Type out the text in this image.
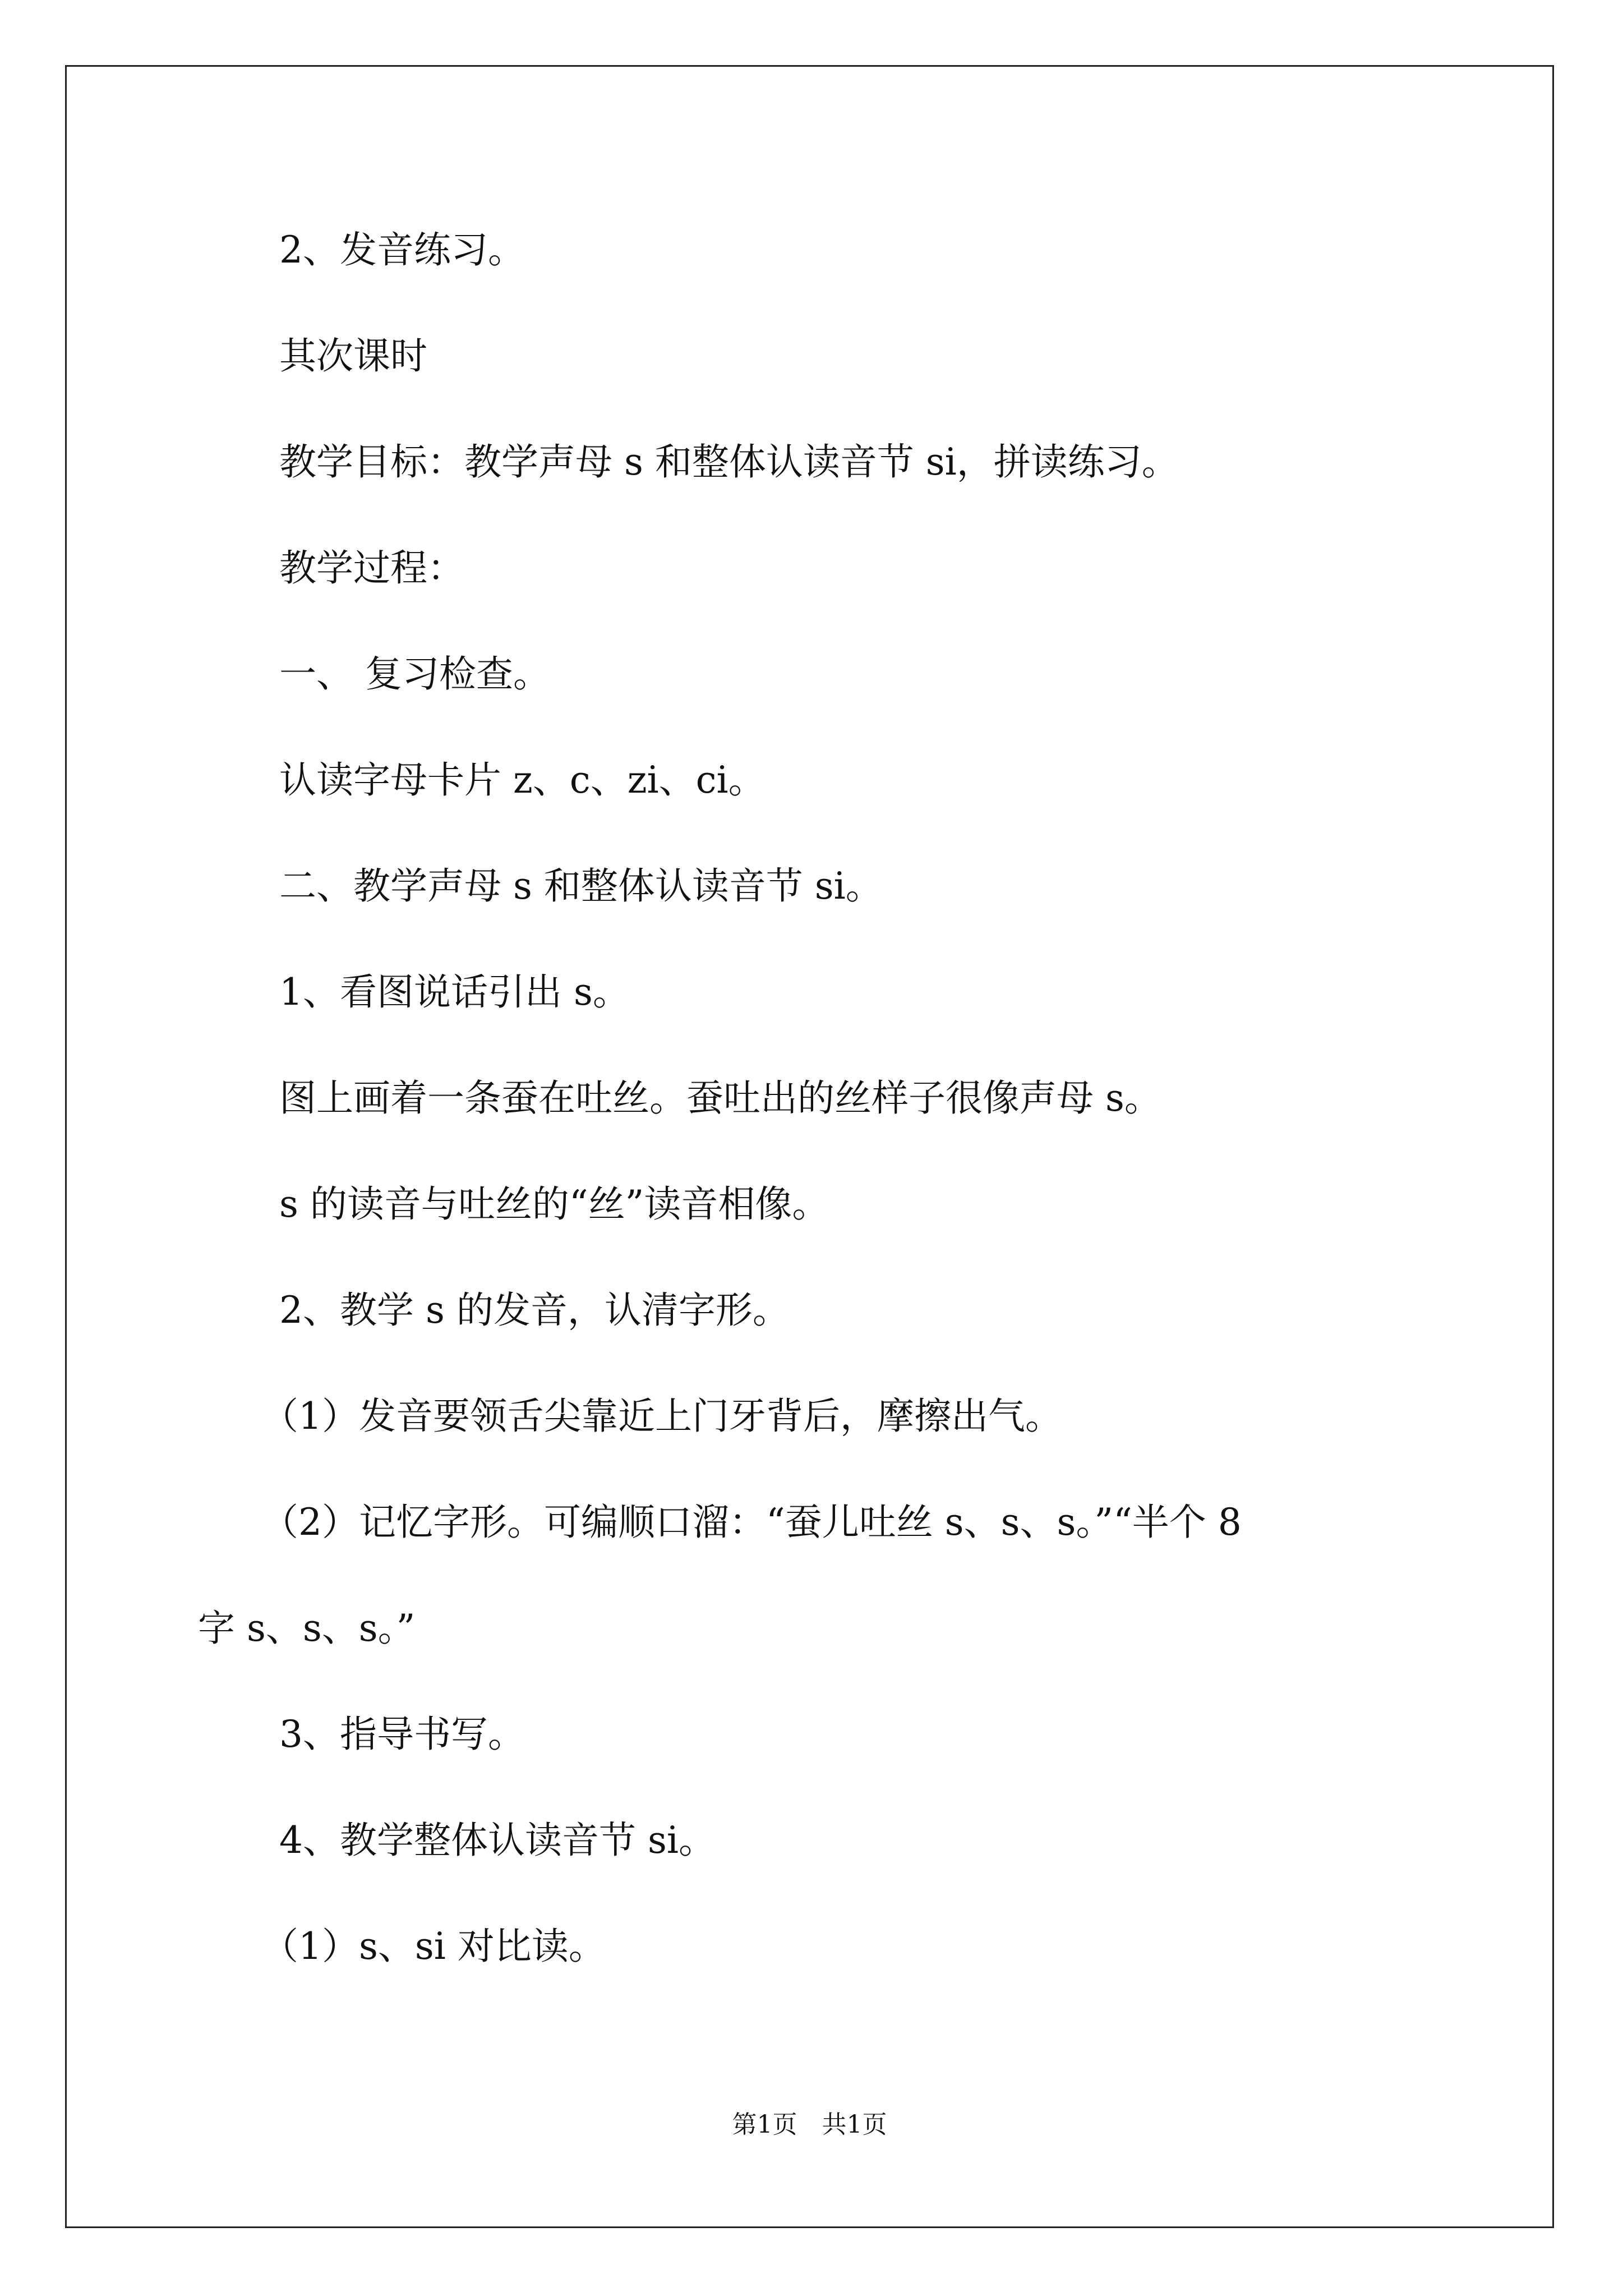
2、发音练习。
其次课时
教学目标：教学声母 s 和整体认读音节 si，拼读练习。
教学过程：
一、 复习检查。
认读字母卡片 z、c、zi、ci。
二、教学声母 s 和整体认读音节 si。
1、看图说话引出 s。
图上画着一条蚕在吐丝。蚕吐出的丝样子很像声母 s。
s 的读音与吐丝的“丝”读音相像。
2、教学 s 的发音，认清字形。
（1）发音要领舌尖靠近上门牙背后，摩擦出气。
（2）记忆字形。可编顺口溜：“蚕儿吐丝 s、s、s。”“半个 8
字 s、s、s。”
3、指导书写。
4、教学整体认读音节 si。
（1）s、si 对比读。
第1页　共1页
